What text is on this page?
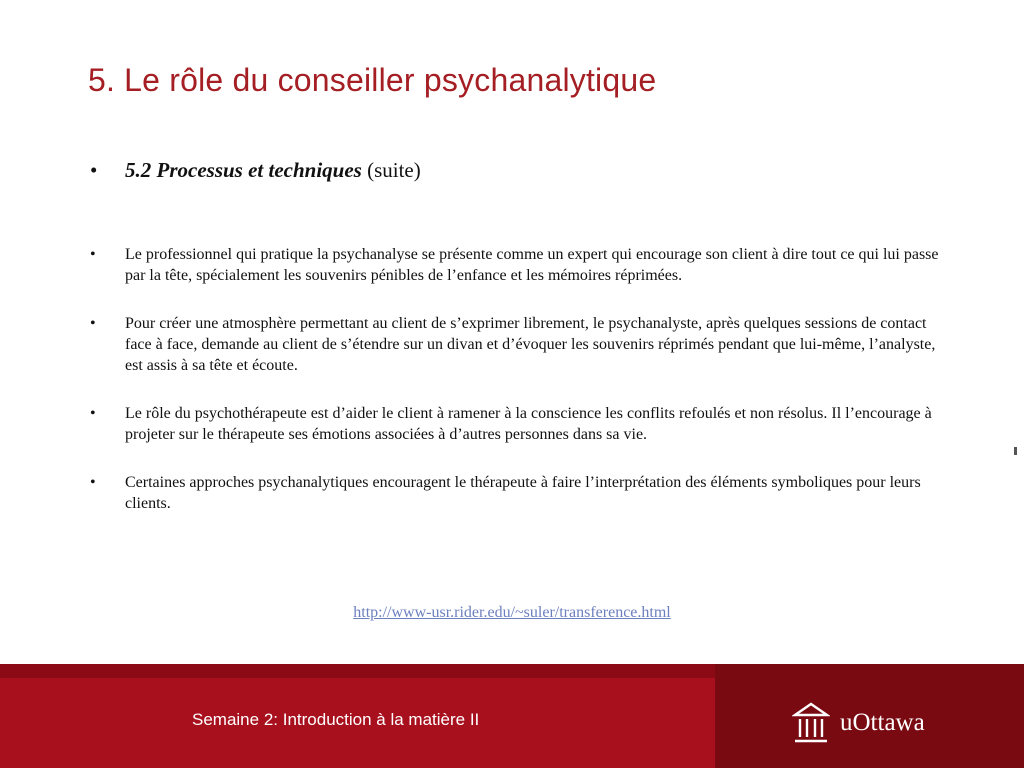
5. Le rôle du conseiller psychanalytique
• 5.2 Processus et techniques (suite)
• Le professionnel qui pratique la psychanalyse se présente comme un expert qui encourage son client à dire tout ce qui lui passe par la tête, spécialement les souvenirs pénibles de l’enfance et les mémoires réprimées.
• Pour créer une atmosphère permettant au client de s’exprimer librement, le psychanalyste, après quelques sessions de contact face à face, demande au client de s’étendre sur un divan et d’évoquer les souvenirs réprimés pendant que lui-même, l’analyste, est assis à sa tête et écoute.
• Le rôle du psychothérapeute est d’aider le client à ramener à la conscience les conflits refoulés et non résolus. Il l’encourage à projeter sur le thérapeute ses émotions associées à d’autres personnes dans sa vie.
• Certaines approches psychanalytiques encouragent le thérapeute à faire l’interprétation des éléments symboliques pour leurs clients.
http://www-usr.rider.edu/~suler/transference.html
Semaine 2: Introduction à la matière II	uOttawa
